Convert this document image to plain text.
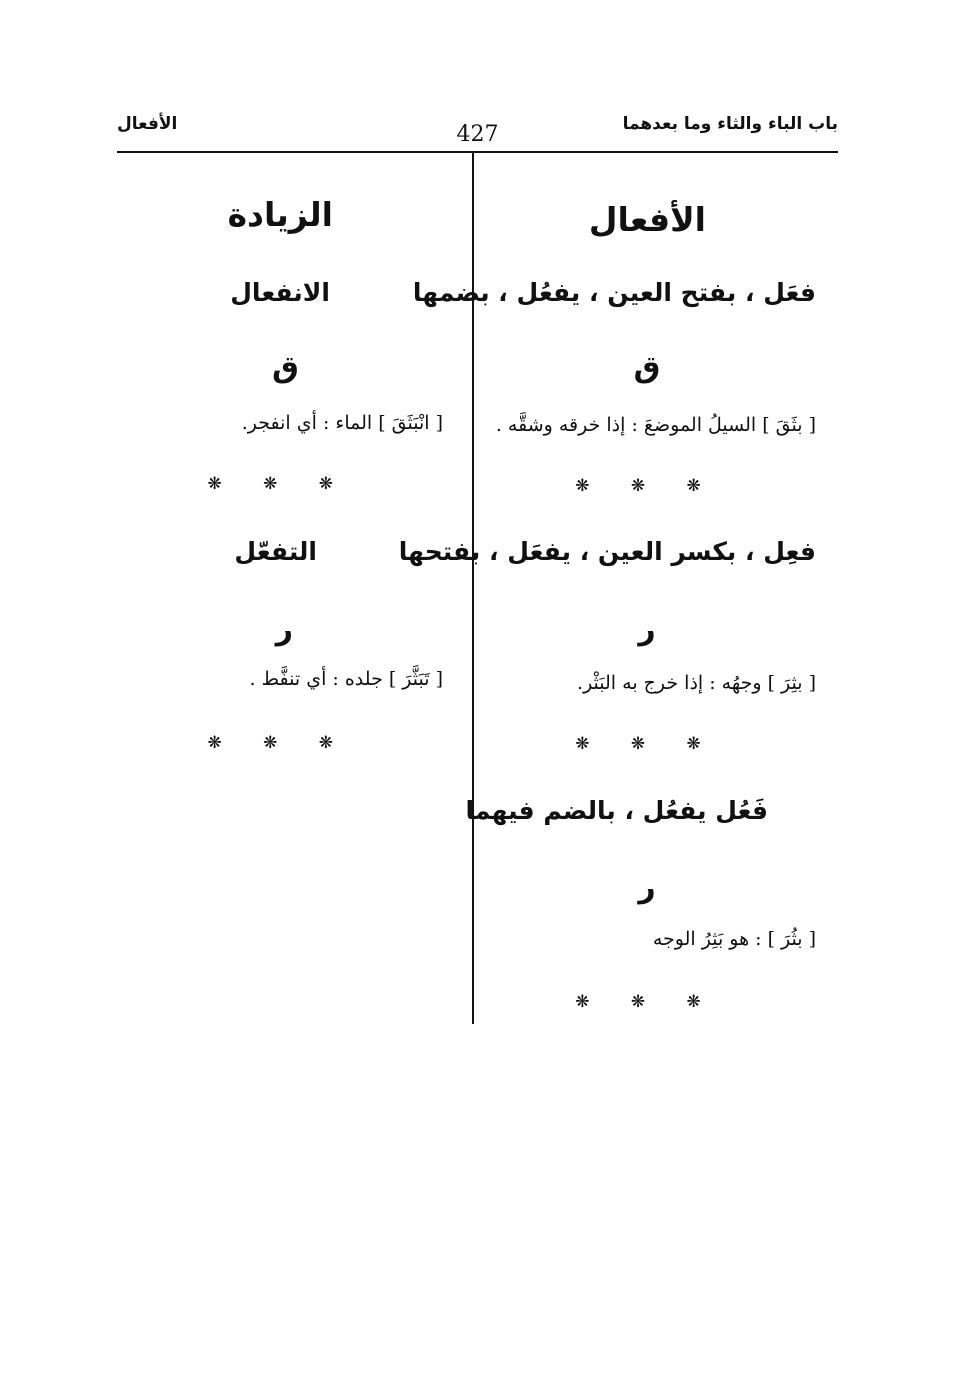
باب الباء والثاء وما بعدهما
الأفعال	427
الأفعال
فعَل ، بفتح العين ، يفعُل ، بضمها
ق
[ بثَقَ ] السيلُ الموضعَ : إذا خرقه وشقَّه .
❋ ❋ ❋
فعِل ، بكسر العين ، يفعَل ، بفتحها
ر
[ بثِرَ ] وجهُه : إذا خرج به البَثْر.
❋ ❋ ❋
فَعُل يفعُل ، بالضم فيهما
ر
[ بثُرَ ] : هو بَثِرُ الوجه
❋ ❋ ❋
الزيادة
الانفعال
ق
[ انْبَثَقَ ] الماء : أي انفجر.
❋ ❋ ❋
التفعّل
ر
[ تَبَثَّرَ ] جلده : أي تنفَّط .
❋ ❋ ❋
